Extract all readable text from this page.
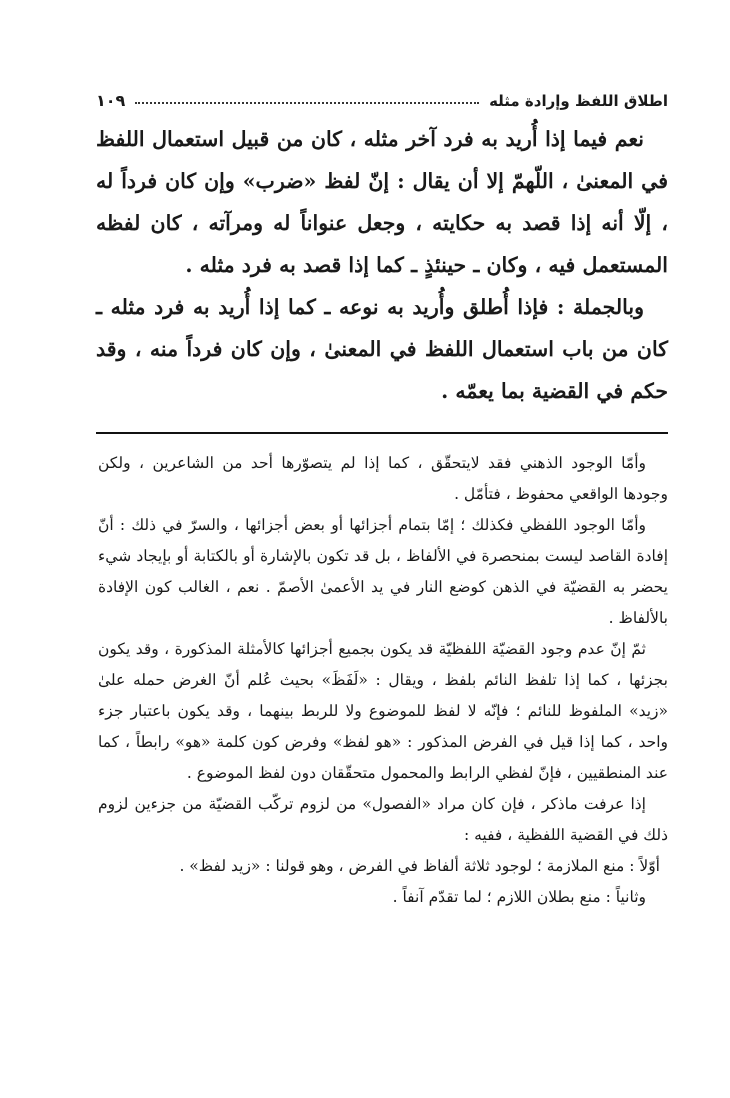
اطلاق اللفظ وإرادة مثله
١٠٩

نعم فيما إذا أُريد به فرد آخر مثله ، كان من قبيل استعمال اللفظ في المعنىٰ ، اللّهمّ إلا أن يقال : إنّ لفظ «ضرب» وإن كان فرداً له ، إلّا أنه إذا قصد به حكايته ، وجعل عنواناً له ومرآته ، كان لفظه المستعمل فيه ، وكان ـ حينئذٍ ـ كما إذا قصد به فرد مثله .

وبالجملة : فإذا أُطلق وأُريد به نوعه ـ كما إذا أُريد به فرد مثله ـ كان من باب استعمال اللفظ في المعنىٰ ، وإن كان فرداً منه ، وقد حكم في القضية بما يعمّه .

وأمّا الوجود الذهني فقد لايتحقّق ، كما إذا لم يتصوّرها أحد من الشاعرين ، ولكن وجودها الواقعي محفوظ ، فتأمّل .

وأمّا الوجود اللفظي فكذلك ؛ إمّا بتمام أجزائها أو بعض أجزائها ، والسرّ في ذلك : أنّ إفادة القاصد ليست بمنحصرة في الألفاظ ، بل قد تكون بالإشارة أو بالكتابة أو بإيجاد شيء يحضر به القضيّة في الذهن كوضع النار في يد الأعمىٰ الأصمّ . نعم ، الغالب كون الإفادة بالألفاظ .

ثمّ إنّ عدم وجود القضيّة اللفظيّة قد يكون بجميع أجزائها كالأمثلة المذكورة ، وقد يكون بجزئها ، كما إذا تلفظ النائم بلفظ ، ويقال : «لَفَظَ» بحيث عُلم أنّ الغرض حمله علىٰ «زيد» الملفوظ للنائم ؛ فإنّه لا لفظ للموضوع ولا للربط بينهما ، وقد يكون باعتبار جزء واحد ، كما إذا قيل في الفرض المذكور : «هو لفظ» وفرض كون كلمة «هو» رابطاً ، كما عند المنطقيين ، فإنّ لفظي الرابط والمحمول متحقّقان دون لفظ الموضوع .

إذا عرفت ماذكر ، فإن كان مراد «الفصول» من لزوم تركّب القضيّة من جزءين لزوم ذلك في القضية اللفظية ، ففيه :

أوّلاً : منع الملازمة ؛ لوجود ثلاثة ألفاظ في الفرض ، وهو قولنا : «زيد لفظ» .

وثانياً : منع بطلان اللازم ؛ لما تقدّم آنفاً .
